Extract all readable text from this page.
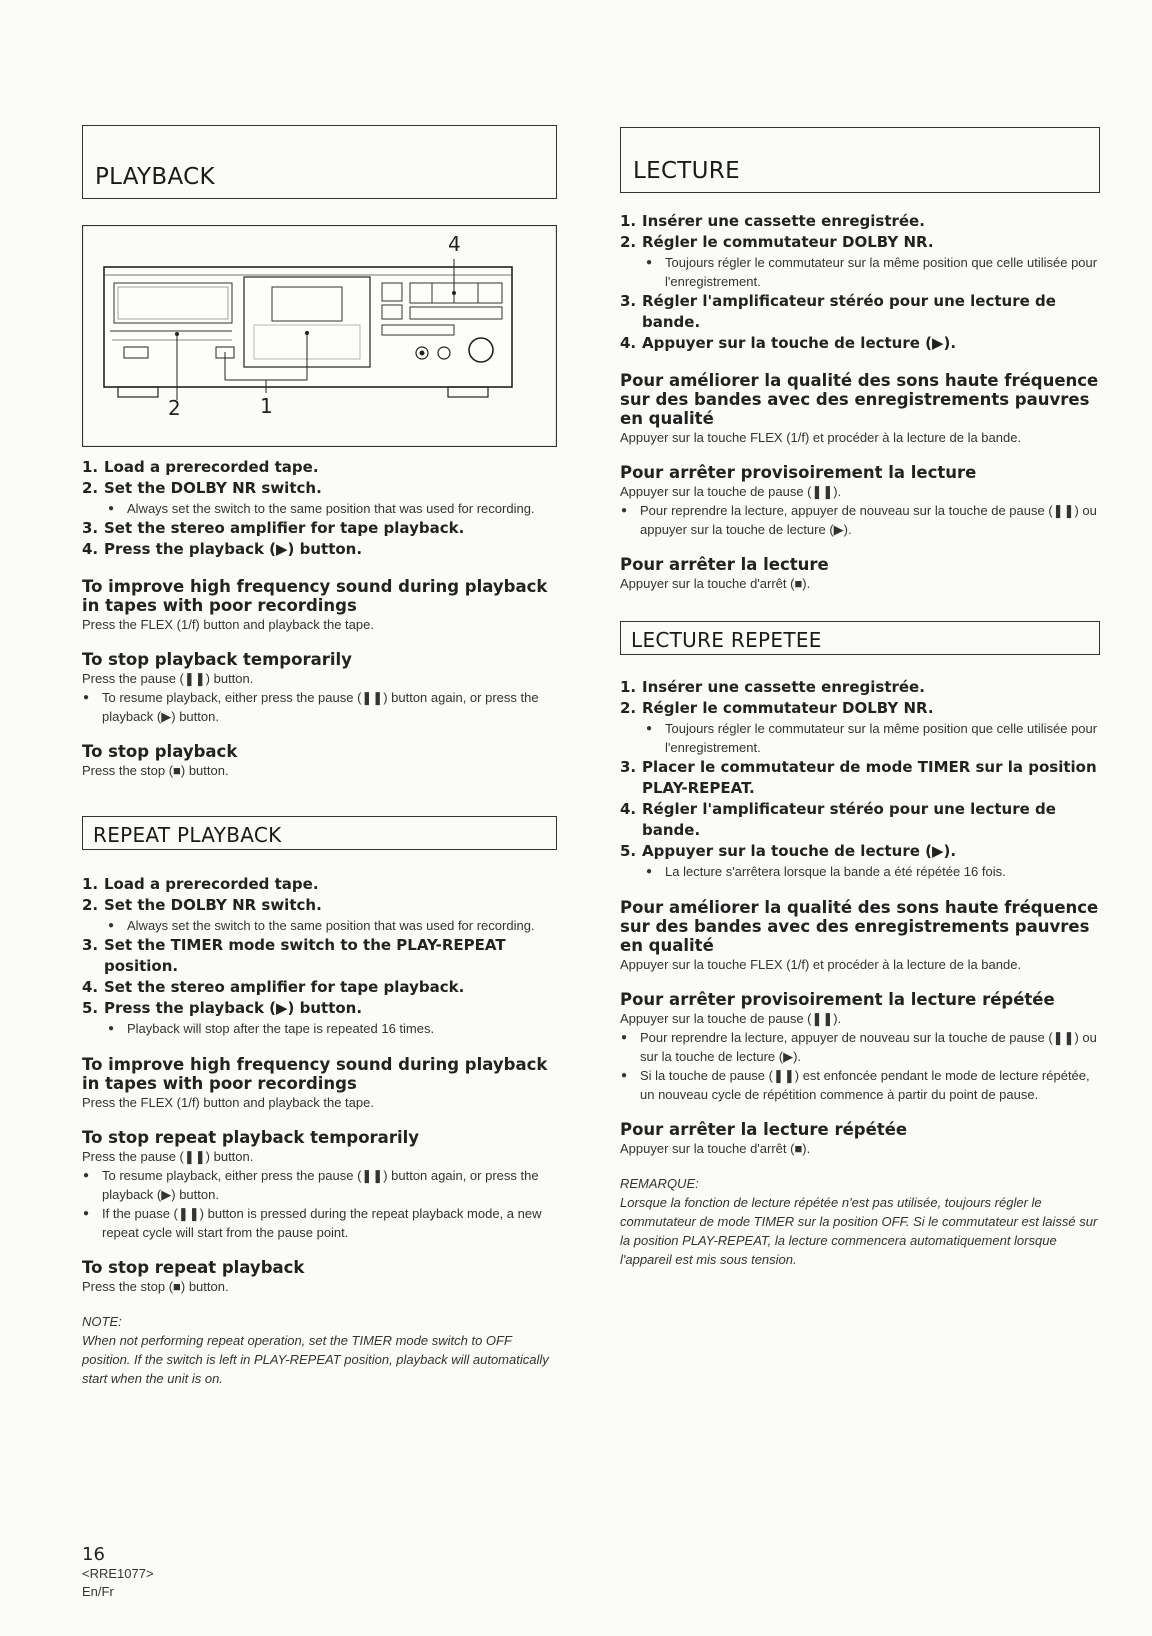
PLAYBACK
1. Load a prerecorded tape.
2. Set the DOLBY NR switch.
● Always set the switch to the same position that was used for recording.
3. Set the stereo amplifier for tape playback.
4. Press the playback (▶) button.

To improve high frequency sound during playback in tapes with poor recordings

Press the FLEX (1/f) button and playback the tape.

To stop playback temporarily

Press the pause (❚❚) button.

● To resume playback, either press the pause (❚❚) button again, or press the playback (▶) button.

To stop playback

Press the stop (■) button.

REPEAT PLAYBACK
1. Load a prerecorded tape.
2. Set the DOLBY NR switch.
● Always set the switch to the same position that was used for recording.
3. Set the TIMER mode switch to the PLAY-REPEAT position.
4. Set the stereo amplifier for tape playback.
5. Press the playback (▶) button.
● Playback will stop after the tape is repeated 16 times.

To improve high frequency sound during playback in tapes with poor recordings

Press the FLEX (1/f) button and playback the tape.

To stop repeat playback temporarily

Press the pause (❚❚) button.

● To resume playback, either press the pause (❚❚) button again, or press the playback (▶) button.
● If the puase (❚❚) button is pressed during the repeat playback mode, a new repeat cycle will start from the pause point.

To stop repeat playback

Press the stop (■) button.

NOTE:

When not performing repeat operation, set the TIMER mode switch to OFF position. If the switch is left in PLAY-REPEAT position, playback will automatically start when the unit is on.

4
2	1
LECTURE
1. Insérer une cassette enregistrée.
2. Régler le commutateur DOLBY NR.
● Toujours régler le commutateur sur la même position que celle utilisée pour l'enregistrement.
3. Régler l'amplificateur stéréo pour une lecture de bande.
4. Appuyer sur la touche de lecture (▶).

Pour améliorer la qualité des sons haute fréquence sur des bandes avec des enregistrements pauvres en qualité

Appuyer sur la touche FLEX (1/f) et procéder à la lecture de la bande.

Pour arrêter provisoirement la lecture

Appuyer sur la touche de pause (❚❚).

● Pour reprendre la lecture, appuyer de nouveau sur la touche de pause (❚❚) ou appuyer sur la touche de lecture (▶).

Pour arrêter la lecture

Appuyer sur la touche d'arrêt (■).

LECTURE REPETEE
1. Insérer une cassette enregistrée.
2. Régler le commutateur DOLBY NR.
● Toujours régler le commutateur sur la même position que celle utilisée pour l'enregistrement.
3. Placer le commutateur de mode TIMER sur la position PLAY-REPEAT.
4. Régler l'amplificateur stéréo pour une lecture de bande.
5. Appuyer sur la touche de lecture (▶).
● La lecture s'arrêtera lorsque la bande a été répétée 16 fois.

Pour améliorer la qualité des sons haute fréquence sur des bandes avec des enregistrements pauvres en qualité

Appuyer sur la touche FLEX (1/f) et procéder à la lecture de la bande.

Pour arrêter provisoirement la lecture répétée

Appuyer sur la touche de pause (❚❚).

● Pour reprendre la lecture, appuyer de nouveau sur la touche de pause (❚❚) ou sur la touche de lecture (▶).
● Si la touche de pause (❚❚) est enfoncée pendant le mode de lecture répétée, un nouveau cycle de répétition commence à partir du point de pause.

Pour arrêter la lecture répétée

Appuyer sur la touche d'arrêt (■).

REMARQUE:

Lorsque la fonction de lecture répétée n'est pas utilisée, toujours régler le commutateur de mode TIMER sur la position OFF. Si le commutateur est laissé sur la position PLAY-REPEAT, la lecture commencera automatiquement lorsque l'appareil est mis sous tension.

16
<RRE1077>
En/Fr
